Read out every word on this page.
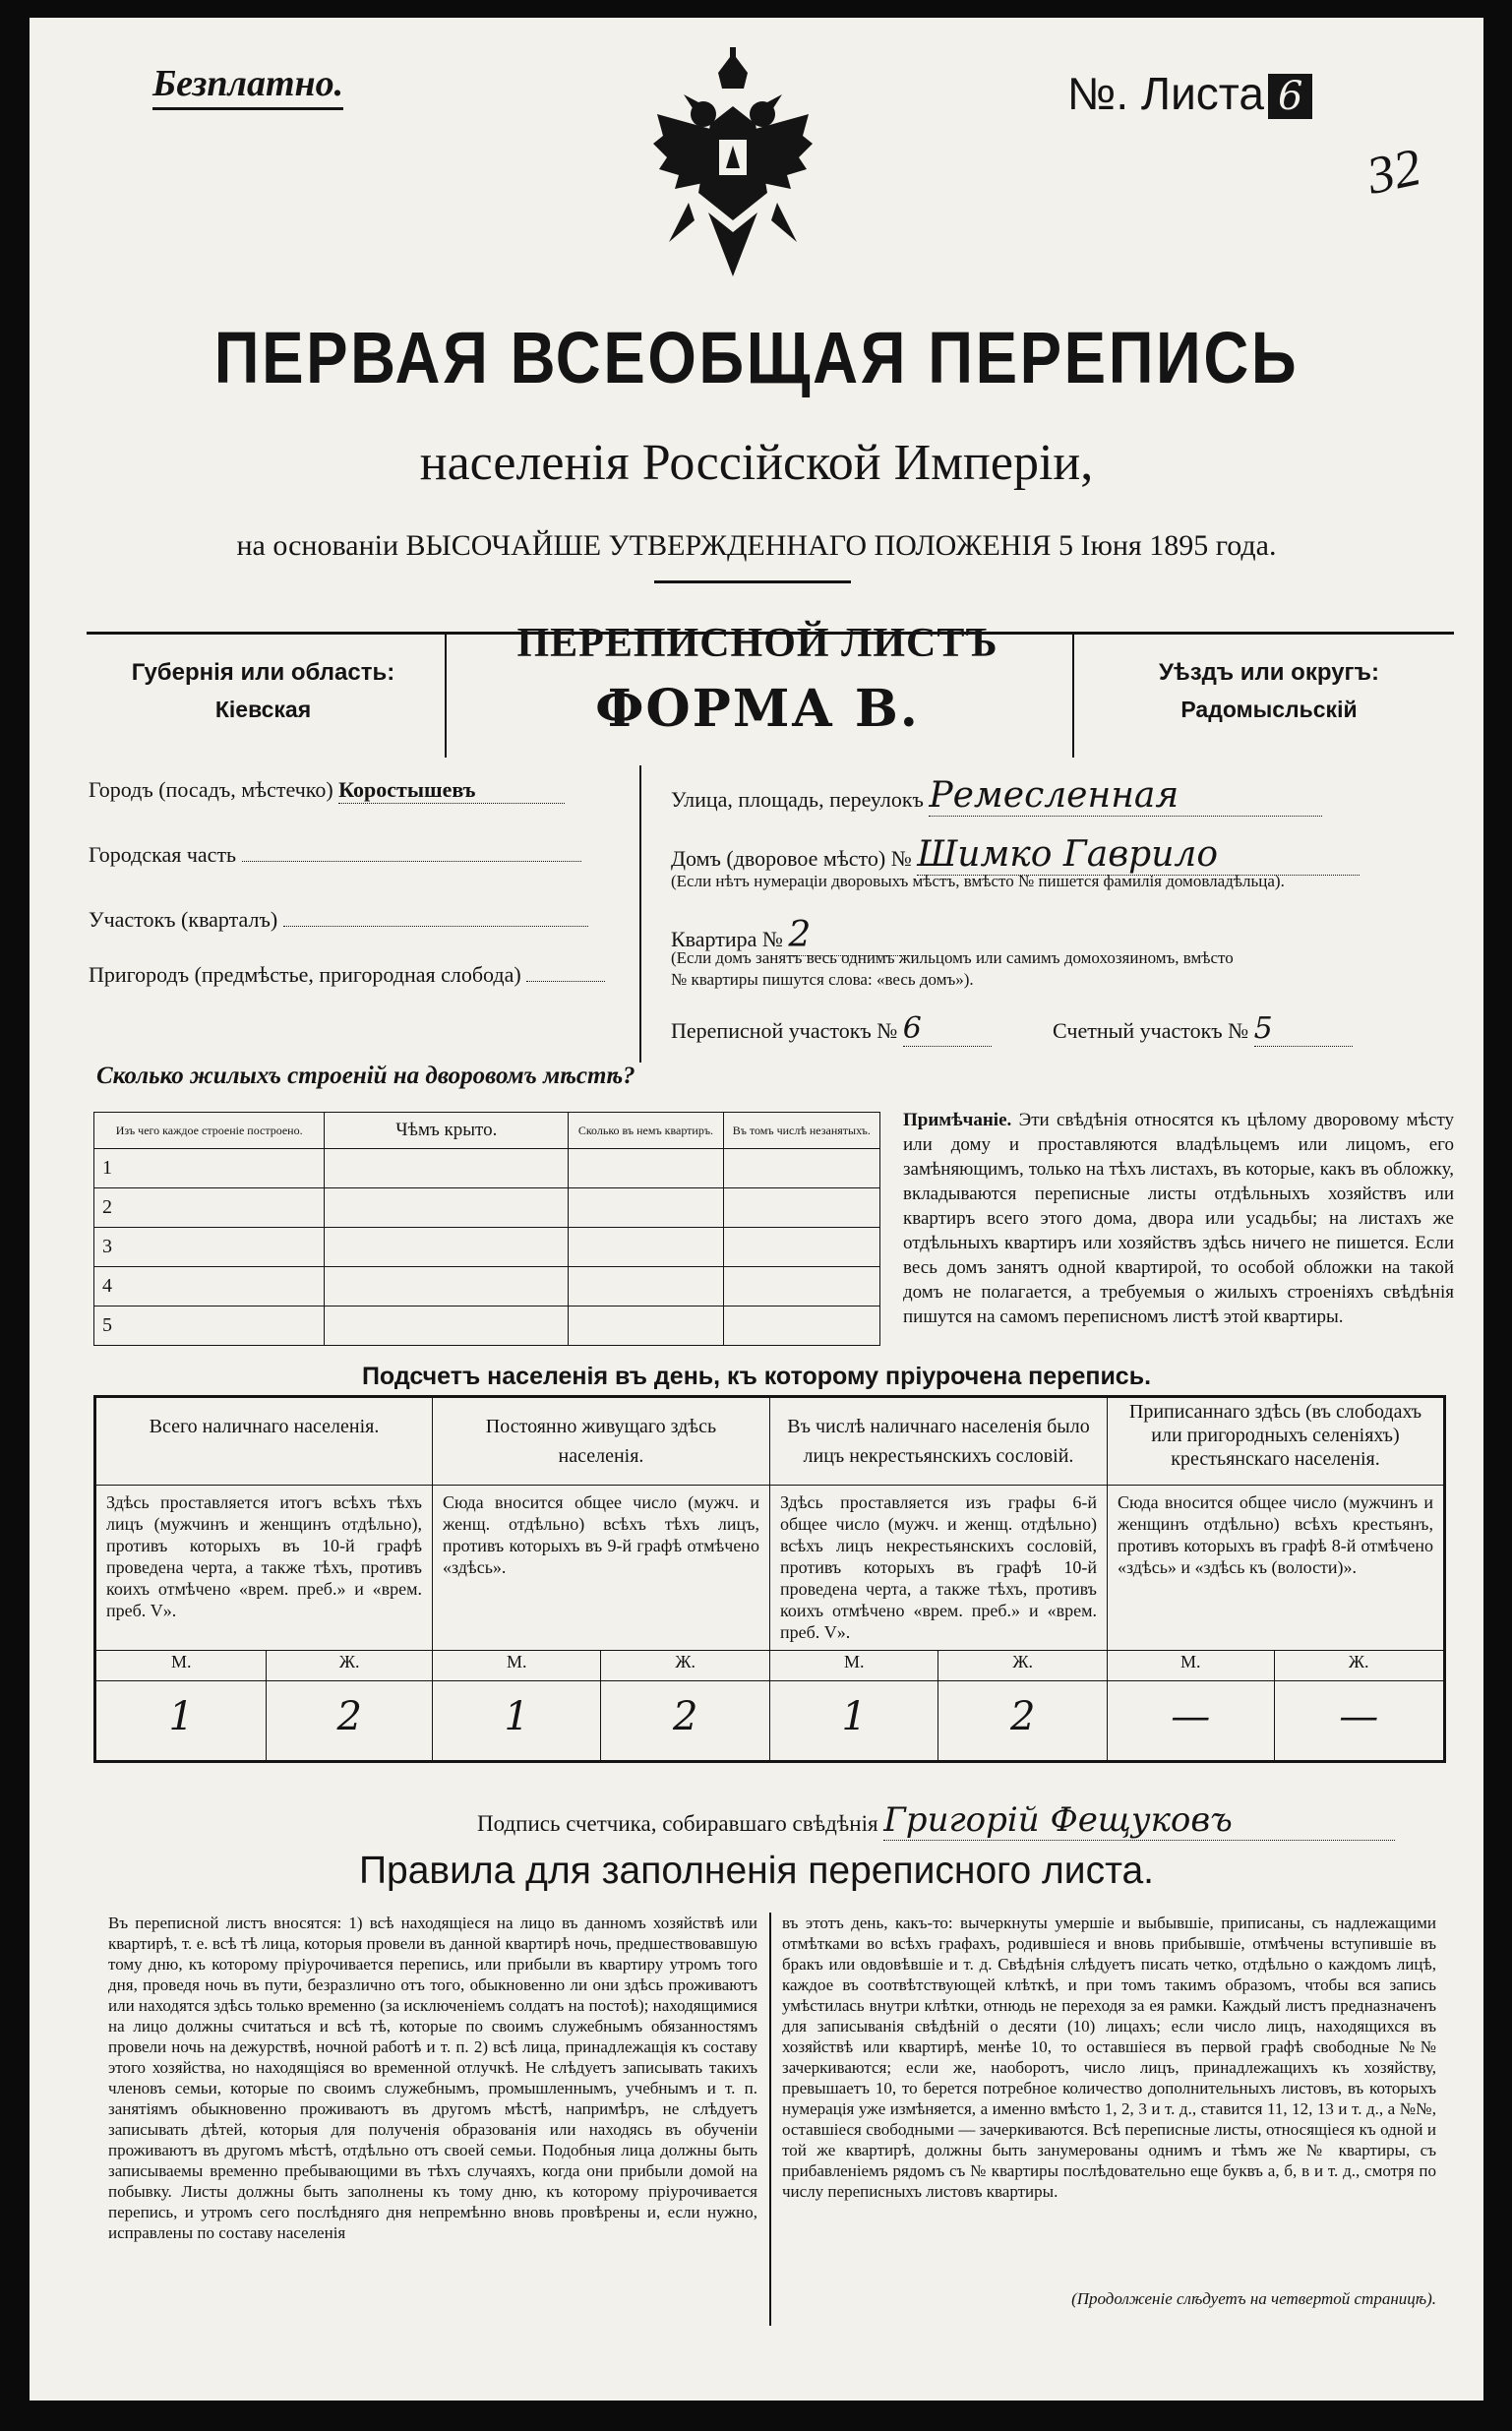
Безплатно.	№. Листа 6
32
ПЕРВАЯ ВСЕОБЩАЯ ПЕРЕПИСЬ
населенія Россійской Имперіи,
на основаніи ВЫСОЧАЙШЕ УТВЕРЖДЕННАГО ПОЛОЖЕНІЯ 5 Іюня 1895 года.
Губернія или область:
Кіевская
ПЕРЕПИСНОЙ ЛИСТЪ
ФОРМА В.
Уѣздъ или округъ:
Радомысльскій
Городъ (посадъ, мѣстечко) Коростышевъ
Городская часть
Участокъ (кварталъ)
Пригородъ (предмѣстье, пригородная слобода)
Улица, площадь, переулокъ Ремесленная
Домъ (дворовое мѣсто) № Шимко Гаврило
(Если нѣтъ нумераціи дворовыхъ мѣстъ, вмѣсто № пишется фамилія домовладѣльца).
Квартира № 2
(Если домъ занятъ весь однимъ жильцомъ или самимъ домохозяиномъ, вмѣсто
№ квартиры пишутся слова: «весь домъ»).
Переписной участокъ № 6	Счетный участокъ № 5
Сколько жилыхъ строеній на дворовомъ мѣстѣ?
Изъ чего каждое строеніе построено.	Чѣмъ крыто.	Сколько въ немъ квартиръ.	Въ томъ числѣ незанятыхъ.
1			
2			
3			
4			
5			
Примѣчаніе. Эти свѣдѣнія относятся къ цѣлому дворовому мѣсту или дому и проставляются владѣльцемъ или лицомъ, его замѣняющимъ, только на тѣхъ листахъ, въ которые, какъ въ обложку, вкладываются переписные листы отдѣльныхъ хозяйствъ или квартиръ всего этого дома, двора или усадьбы; на листахъ же отдѣльныхъ квартиръ или хозяйствъ здѣсь ничего не пишется. Если весь домъ занятъ одной квартирой, то особой обложки на такой домъ не полагается, а требуемыя о жилыхъ строеніяхъ свѣдѣнія пишутся на самомъ переписномъ листѣ этой квартиры.
Подсчетъ населенія въ день, къ которому пріурочена перепись.
Всего наличнаго населенія.		Постоянно живущаго здѣсь населенія.		Въ числѣ наличнаго населенія было лицъ некрестьянскихъ сословій.		Приписаннаго здѣсь (въ слободахъ или пригородныхъ селеніяхъ) крестьянскаго населенія.	
Здѣсь проставляется итогъ всѣхъ тѣхъ лицъ (мужчинъ и женщинъ отдѣльно), противъ которыхъ въ 10-й графѣ проведена черта, а также тѣхъ, противъ коихъ отмѣчено «врем. преб.» и «врем. преб. V».		Сюда вносится общее число (мужч. и женщ. отдѣльно) всѣхъ тѣхъ лицъ, противъ которыхъ въ 9-й графѣ отмѣчено «здѣсь».		Здѣсь проставляется изъ графы 6-й общее число (мужч. и женщ. отдѣльно) всѣхъ лицъ некрестьянскихъ сословій, противъ которыхъ въ графѣ 10-й проведена черта, а также тѣхъ, противъ коихъ отмѣчено «врем. преб.» и «врем. преб. V».		Сюда вносится общее число (мужчинъ и женщинъ отдѣльно) всѣхъ крестьянъ, противъ которыхъ въ графѣ 8-й отмѣчено «здѣсь» и «здѣсь къ (волости)».	
М.	Ж.	М.	Ж.	М.	Ж.	М.	Ж.
1	2	1	2	1	2	—	—
Подпись счетчика, собиравшаго свѣдѣнія Григорій Фещуковъ
Правила для заполненія переписного листа.
Въ переписной листъ вносятся: 1) всѣ находящіеся на лицо въ данномъ хозяйствѣ или квартирѣ, т. е. всѣ тѣ лица, которыя провели въ данной квартирѣ ночь, предшествовавшую тому дню, къ которому пріурочивается перепись, или прибыли въ квартиру утромъ того дня, проведя ночь въ пути, безразлично отъ того, обыкновенно ли они здѣсь проживаютъ или находятся здѣсь только временно (за исключеніемъ солдатъ на постоѣ); находящимися на лицо должны считаться и всѣ тѣ, которые по своимъ служебнымъ обязанностямъ провели ночь на дежурствѣ, ночной работѣ и т. п. 2) всѣ лица, принадлежащія къ составу этого хозяйства, но находящіяся во временной отлучкѣ. Не слѣдуетъ записывать такихъ членовъ семьи, которые по своимъ служебнымъ, промышленнымъ, учебнымъ и т. п. занятіямъ обыкновенно проживаютъ въ другомъ мѣстѣ, напримѣръ, не слѣдуетъ записывать дѣтей, которыя для полученія образованія или находясь въ обученіи проживаютъ въ другомъ мѣстѣ, отдѣльно отъ своей семьи. Подобныя лица должны быть записываемы временно пребывающими въ тѣхъ случаяхъ, когда они прибыли домой на побывку. Листы должны быть заполнены къ тому дню, къ которому пріурочивается перепись, и утромъ сего послѣдняго дня непремѣнно вновь провѣрены и, если нужно, исправлены по составу населенія
въ этотъ день, какъ-то: вычеркнуты умершіе и выбывшіе, приписаны, съ надлежащими отмѣтками во всѣхъ графахъ, родившіеся и вновь прибывшіе, отмѣчены вступившіе въ бракъ или овдовѣвшіе и т. д. Свѣдѣнія слѣдуетъ писать четко, отдѣльно о каждомъ лицѣ, каждое въ соотвѣтствующей клѣткѣ, и при томъ такимъ образомъ, чтобы вся запись умѣстилась внутри клѣтки, отнюдь не переходя за ея рамки. Каждый листъ предназначенъ для записыванія свѣдѣній о десяти (10) лицахъ; если число лицъ, находящихся въ хозяйствѣ или квартирѣ, менѣе 10, то оставшіеся въ первой графѣ свободные №№ зачеркиваются; если же, наоборотъ, число лицъ, принадлежащихъ къ хозяйству, превышаетъ 10, то берется потребное количество дополнительныхъ листовъ, въ которыхъ нумерація уже измѣняется, а именно вмѣсто 1, 2, 3 и т. д., ставится 11, 12, 13 и т. д., а №№, оставшіеся свободными — зачеркиваются. Всѣ переписные листы, относящіеся къ одной и той же квартирѣ, должны быть занумерованы однимъ и тѣмъ же № квартиры, съ прибавленіемъ рядомъ съ № квартиры послѣдовательно еще буквъ а, б, в и т. д., смотря по числу переписныхъ листовъ квартиры.
(Продолженіе слѣдуетъ на четвертой страницѣ).
